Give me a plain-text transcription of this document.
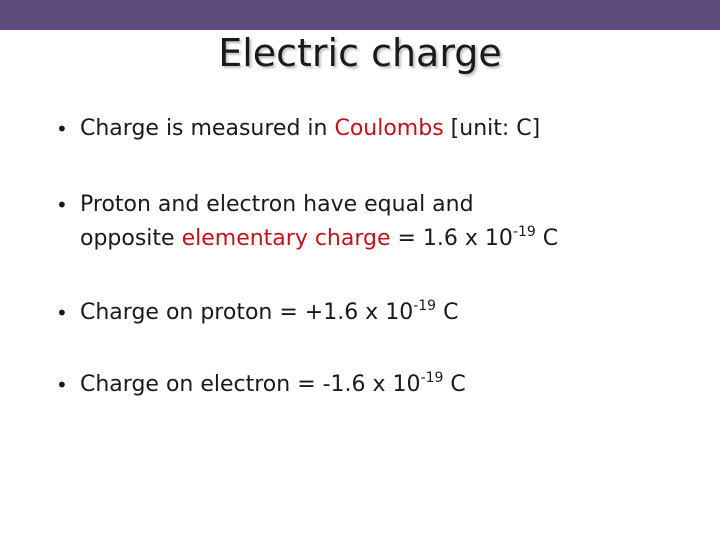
Electric charge
• Charge is measured in Coulombs [unit: C]
• Proton and electron have equal and
opposite elementary charge = 1.6 x $10^{-19}$ C
• Charge on proton = +1.6 x $10^{-19}$ C
• Charge on electron = -1.6 x $10^{-19}$ C
